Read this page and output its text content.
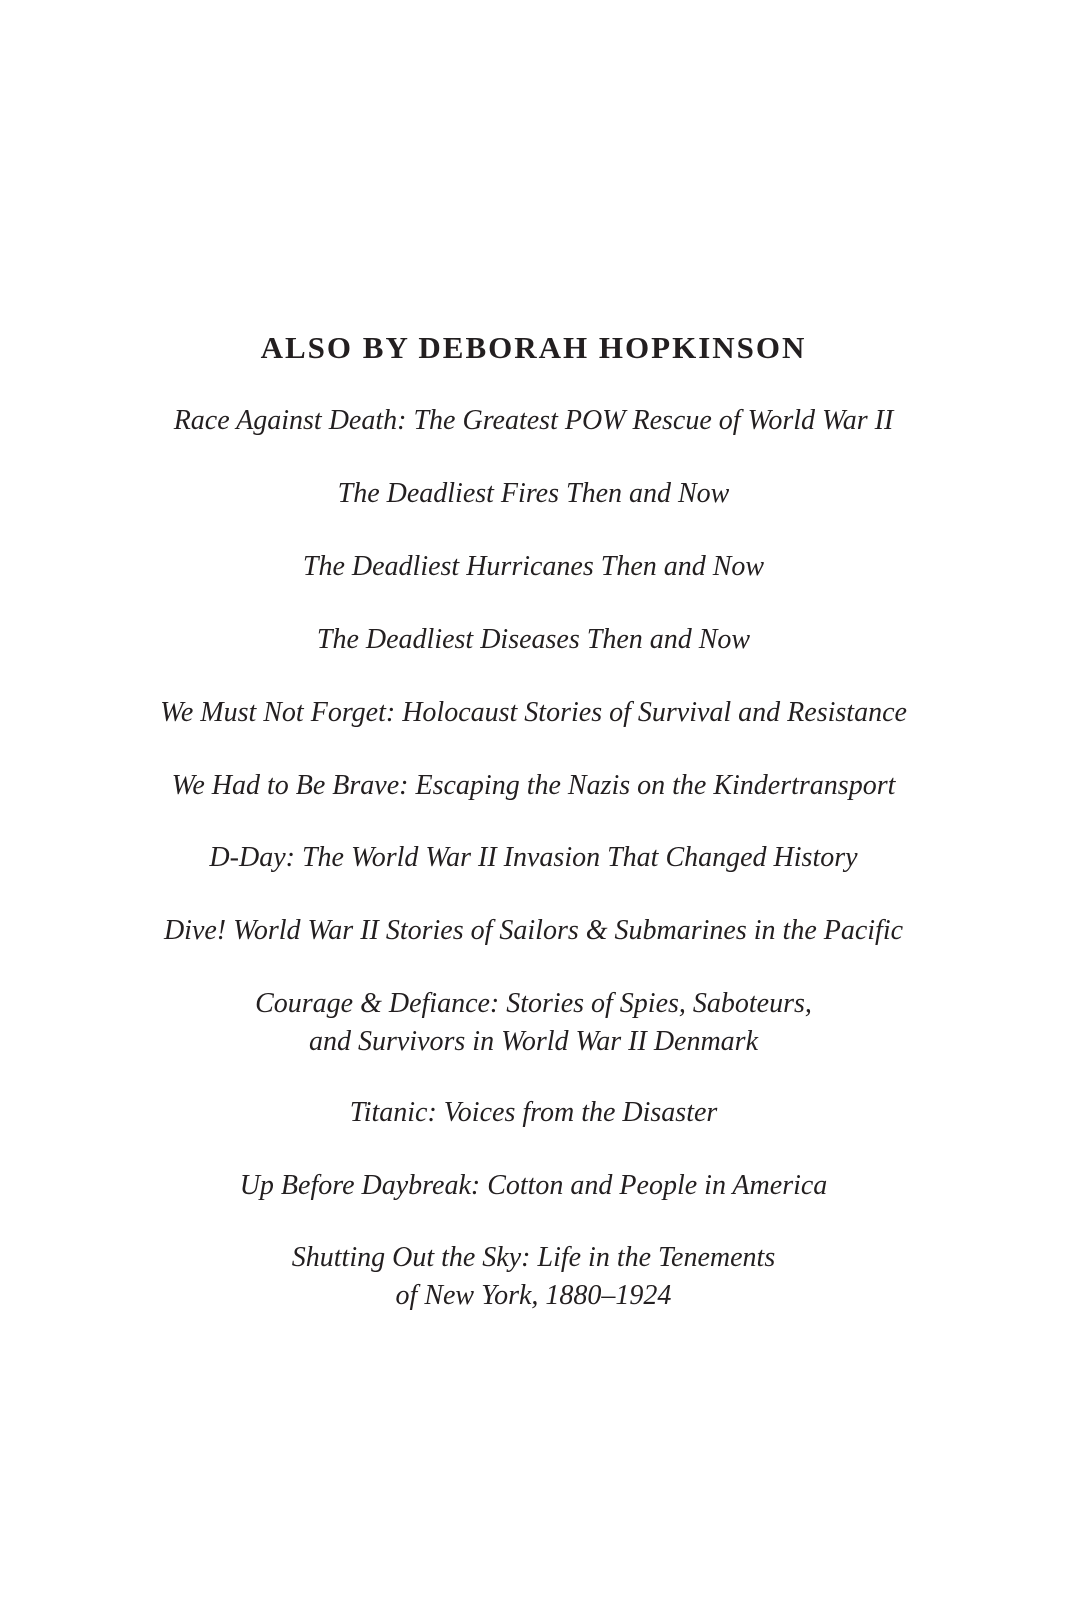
ALSO BY DEBORAH HOPKINSON

Race Against Death: The Greatest POW Rescue of World War II

The Deadliest Fires Then and Now

The Deadliest Hurricanes Then and Now

The Deadliest Diseases Then and Now

We Must Not Forget: Holocaust Stories of Survival and Resistance

We Had to Be Brave: Escaping the Nazis on the Kindertransport

D-Day: The World War II Invasion That Changed History

Dive! World War II Stories of Sailors & Submarines in the Pacific

Courage & Defiance: Stories of Spies, Saboteurs,
and Survivors in World War II Denmark

Titanic: Voices from the Disaster

Up Before Daybreak: Cotton and People in America

Shutting Out the Sky: Life in the Tenements
of New York, 1880–1924
